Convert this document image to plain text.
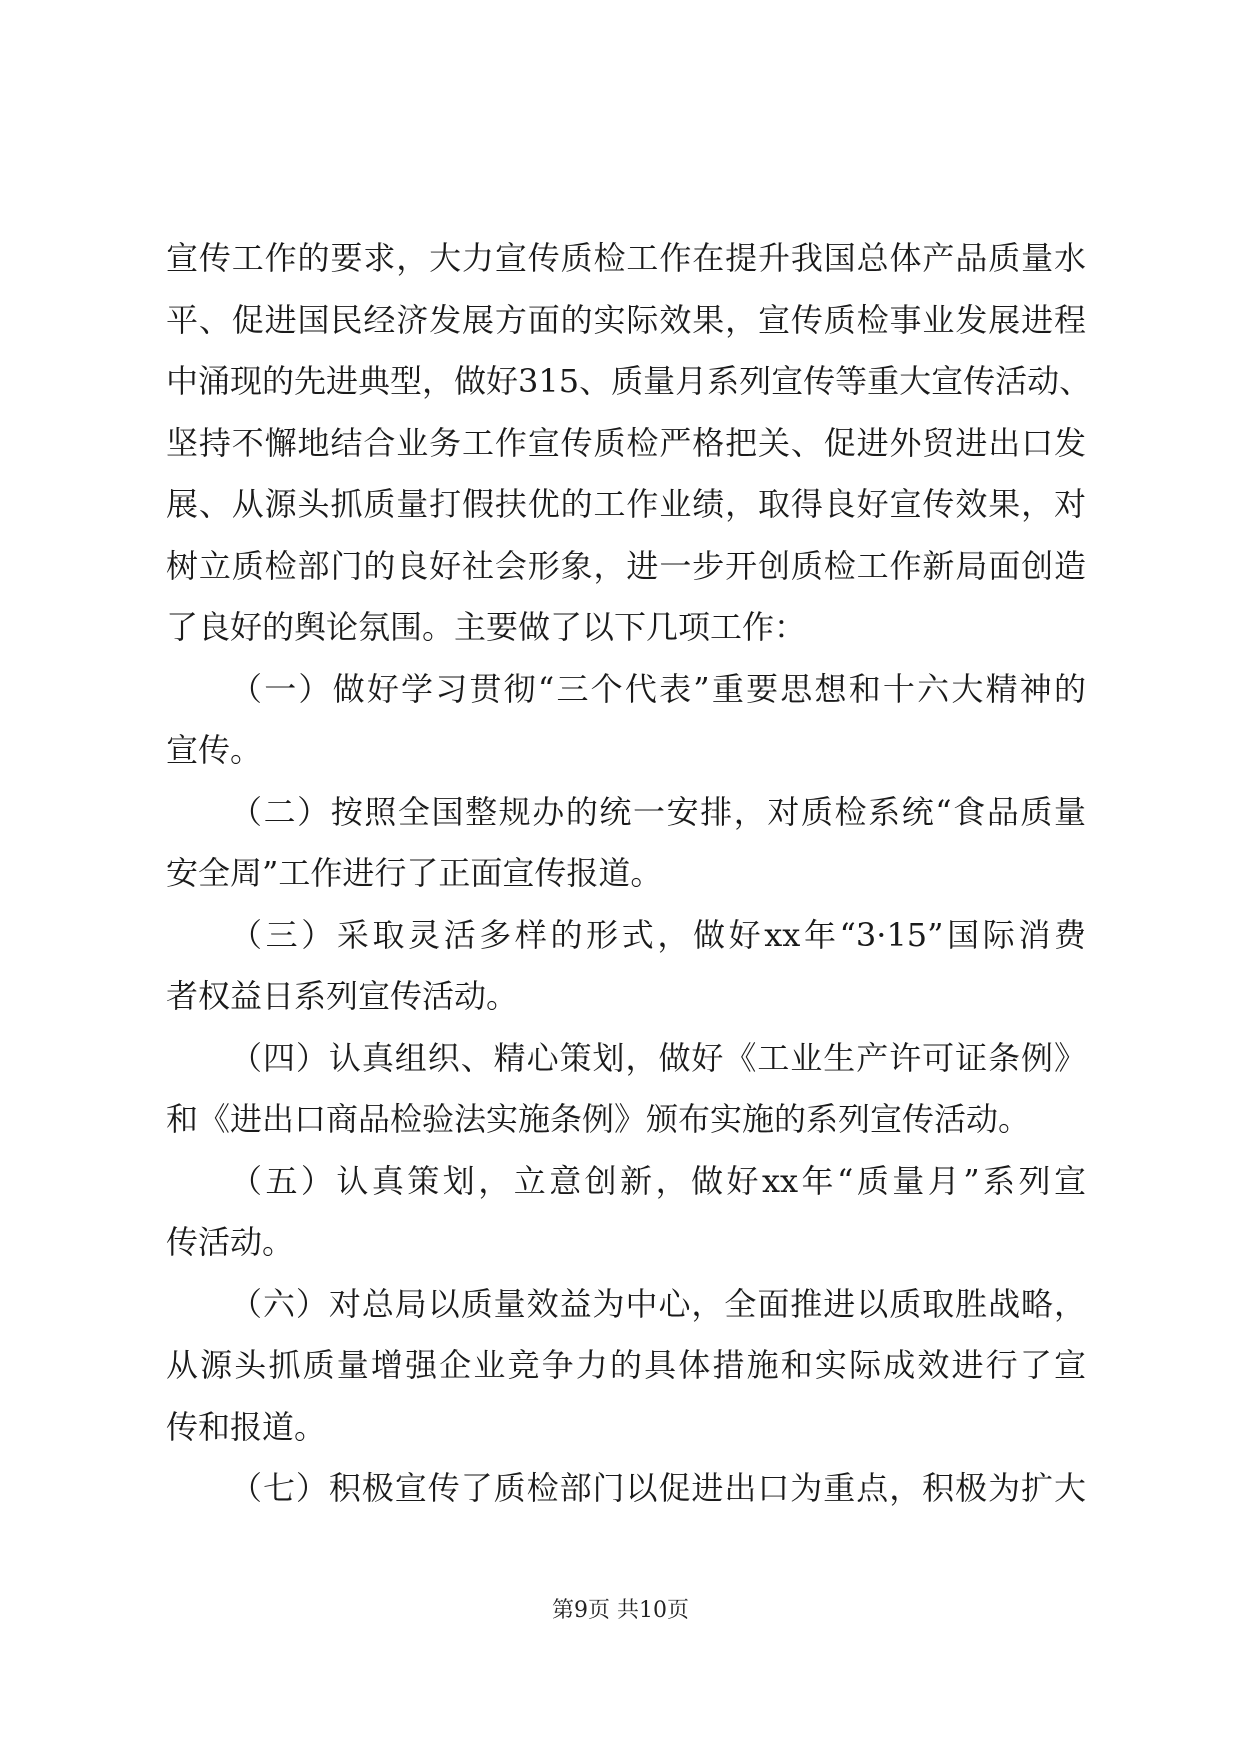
宣传工作的要求，大力宣传质检工作在提升我国总体产品质量水
平、促进国民经济发展方面的实际效果，宣传质检事业发展进程
中涌现的先进典型，做好315、质量月系列宣传等重大宣传活动、
坚持不懈地结合业务工作宣传质检严格把关、促进外贸进出口发
展、从源头抓质量打假扶优的工作业绩，取得良好宣传效果，对
树立质检部门的良好社会形象，进一步开创质检工作新局面创造
了良好的舆论氛围。主要做了以下几项工作：
（一）做好学习贯彻“三个代表”重要思想和十六大精神的
宣传。
（二）按照全国整规办的统一安排，对质检系统“食品质量
安全周”工作进行了正面宣传报道。
（三）采取灵活多样的形式，做好xx年“3·15”国际消费
者权益日系列宣传活动。
（四）认真组织、精心策划，做好《工业生产许可证条例》
和《进出口商品检验法实施条例》颁布实施的系列宣传活动。
（五）认真策划，立意创新，做好xx年“质量月”系列宣
传活动。
（六）对总局以质量效益为中心，全面推进以质取胜战略，
从源头抓质量增强企业竞争力的具体措施和实际成效进行了宣
传和报道。
（七）积极宣传了质检部门以促进出口为重点，积极为扩大
第9页 共10页
